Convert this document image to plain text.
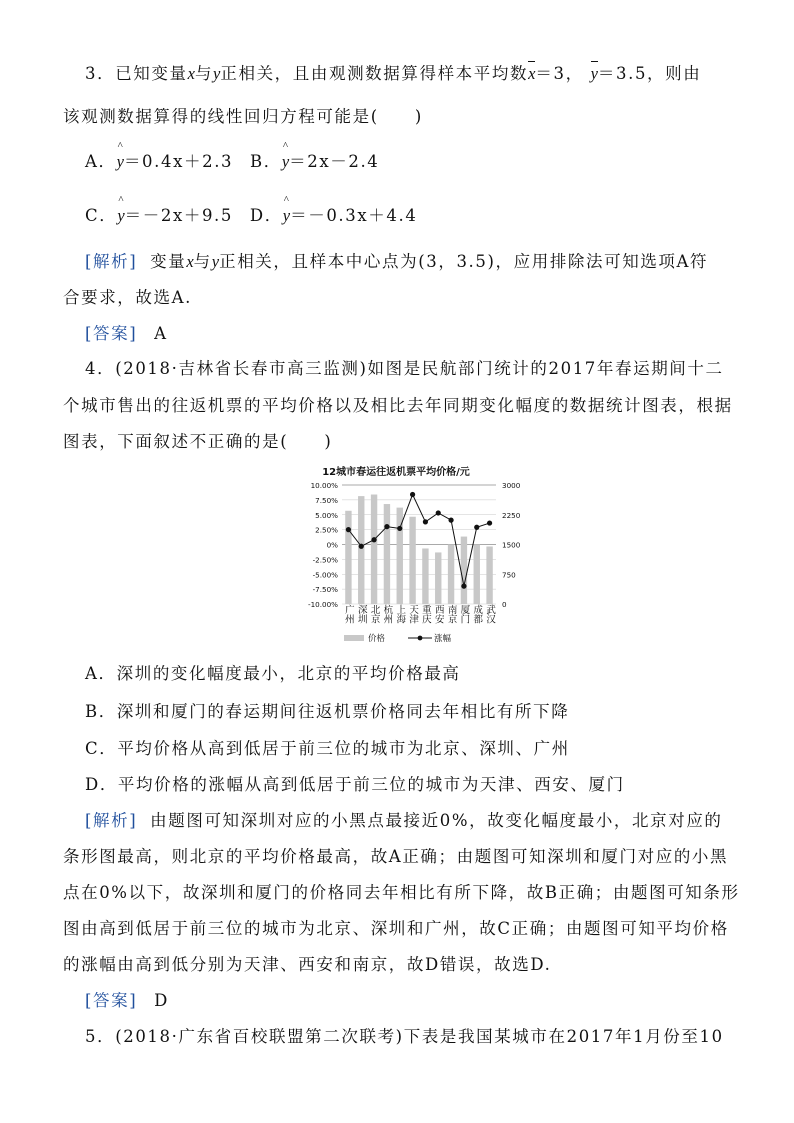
3．已知变量x与y正相关，且由观测数据算得样本平均数x＝3， y＝3.5，则由
该观测数据算得的线性回归方程可能是(　　)
A．^ y＝0.4x＋2.3 B．^ y＝2x－2.4
C．^ y＝－2x＋9.5 D．^ y＝－0.3x＋4.4
[解析] 变量x与y正相关，且样本中心点为(3，3.5)，应用排除法可知选项A符
合要求，故选A.
[答案] A
4．(2018·吉林省长春市高三监测)如图是民航部门统计的2017年春运期间十二
个城市售出的往返机票的平均价格以及相比去年同期变化幅度的数据统计图表，根据
图表，下面叙述不正确的是(　　)
12城市春运往返机票平均价格/元
10.00%
7.50%
5.00%
2.50%
0%
-2.50%
-5.00%
-7.50%
-10.00%
3000
2250
1500
750
0
广州 深圳 北京 杭州 上海 天津 重庆 西安 南京 厦门 成都 武汉
价格	涨幅
A．深圳的变化幅度最小，北京的平均价格最高
B．深圳和厦门的春运期间往返机票价格同去年相比有所下降
C．平均价格从高到低居于前三位的城市为北京、深圳、广州
D．平均价格的涨幅从高到低居于前三位的城市为天津、西安、厦门
[解析] 由题图可知深圳对应的小黑点最接近0%，故变化幅度最小，北京对应的
条形图最高，则北京的平均价格最高，故A正确；由题图可知深圳和厦门对应的小黑
点在0%以下，故深圳和厦门的价格同去年相比有所下降，故B正确；由题图可知条形
图由高到低居于前三位的城市为北京、深圳和广州，故C正确；由题图可知平均价格
的涨幅由高到低分别为天津、西安和南京，故D错误，故选D.
[答案] D
5．(2018·广东省百校联盟第二次联考)下表是我国某城市在2017年1月份至10
